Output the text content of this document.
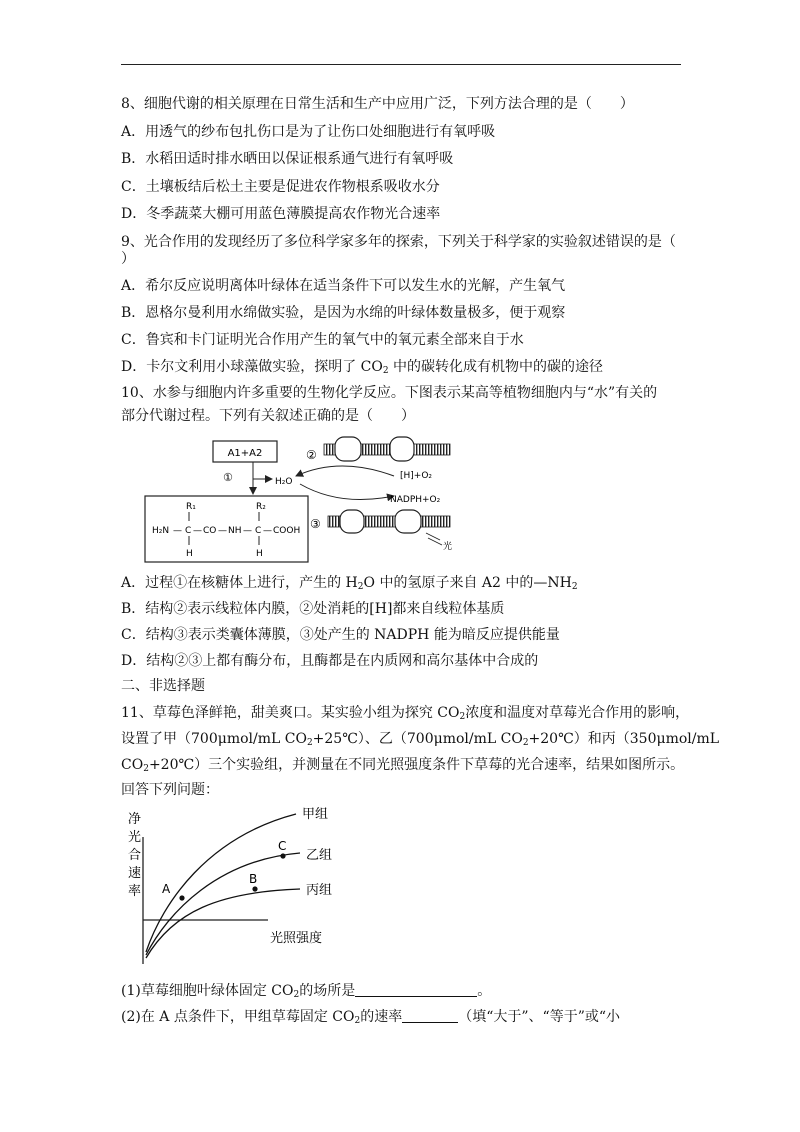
8、细胞代谢的相关原理在日常生活和生产中应用广泛，下列方法合理的是（　　）
A．用透气的纱布包扎伤口是为了让伤口处细胞进行有氧呼吸
B．水稻田适时排水晒田以保证根系通气进行有氧呼吸
C．土壤板结后松土主要是促进农作物根系吸收水分
D．冬季蔬菜大棚可用蓝色薄膜提高农作物光合速率
9、光合作用的发现经历了多位科学家多年的探索，下列关于科学家的实验叙述错误的是（
）
A．希尔反应说明离体叶绿体在适当条件下可以发生水的光解，产生氧气
B．恩格尔曼利用水绵做实验，是因为水绵的叶绿体数量极多，便于观察
C．鲁宾和卡门证明光合作用产生的氧气中的氧元素全部来自于水
D．卡尔文利用小球藻做实验，探明了 $CO_2$ 中的碳转化成有机物中的碳的途径
10、水参与细胞内许多重要的生物化学反应。下图表示某高等植物细胞内与“水”有关的
部分代谢过程。下列有关叙述正确的是（　　）
A1+A2
①	H₂O
R₁	R₂
H₂N — C — CO — NH — C — COOH
H	H
②
[H]+O₂
NADPH+O₂
③
光
A．过程①在核糖体上进行，产生的 $H_2O$ 中的氢原子来自 A2 中的$—NH_2$
B．结构②表示线粒体内膜，②处消耗的[H]都来自线粒体基质
C．结构③表示类囊体薄膜，③处产生的 NADPH 能为暗反应提供能量
D．结构②③上都有酶分布，且酶都是在内质网和高尔基体中合成的
二、非选择题
11、草莓色泽鲜艳，甜美爽口。某实验小组为探究 $CO_2$浓度和温度对草莓光合作用的影响，
设置了甲（700μmol/mL $CO_2+25℃$）、乙（700μmol/mL $CO_2+20℃$）和丙（350μmol/mL
$CO_2+20℃$）三个实验组，并测量在不同光照强度条件下草莓的光合速率，结果如图所示。
回答下列问题：
净
光
合
速
率
光照强度
甲组
乙组
丙组
A
B
C
(1)草莓细胞叶绿体固定 $CO_2$的场所是	。
(2)在 A 点条件下，甲组草莓固定 $CO_2$的速率	（填“大于”、“等于”或“小
